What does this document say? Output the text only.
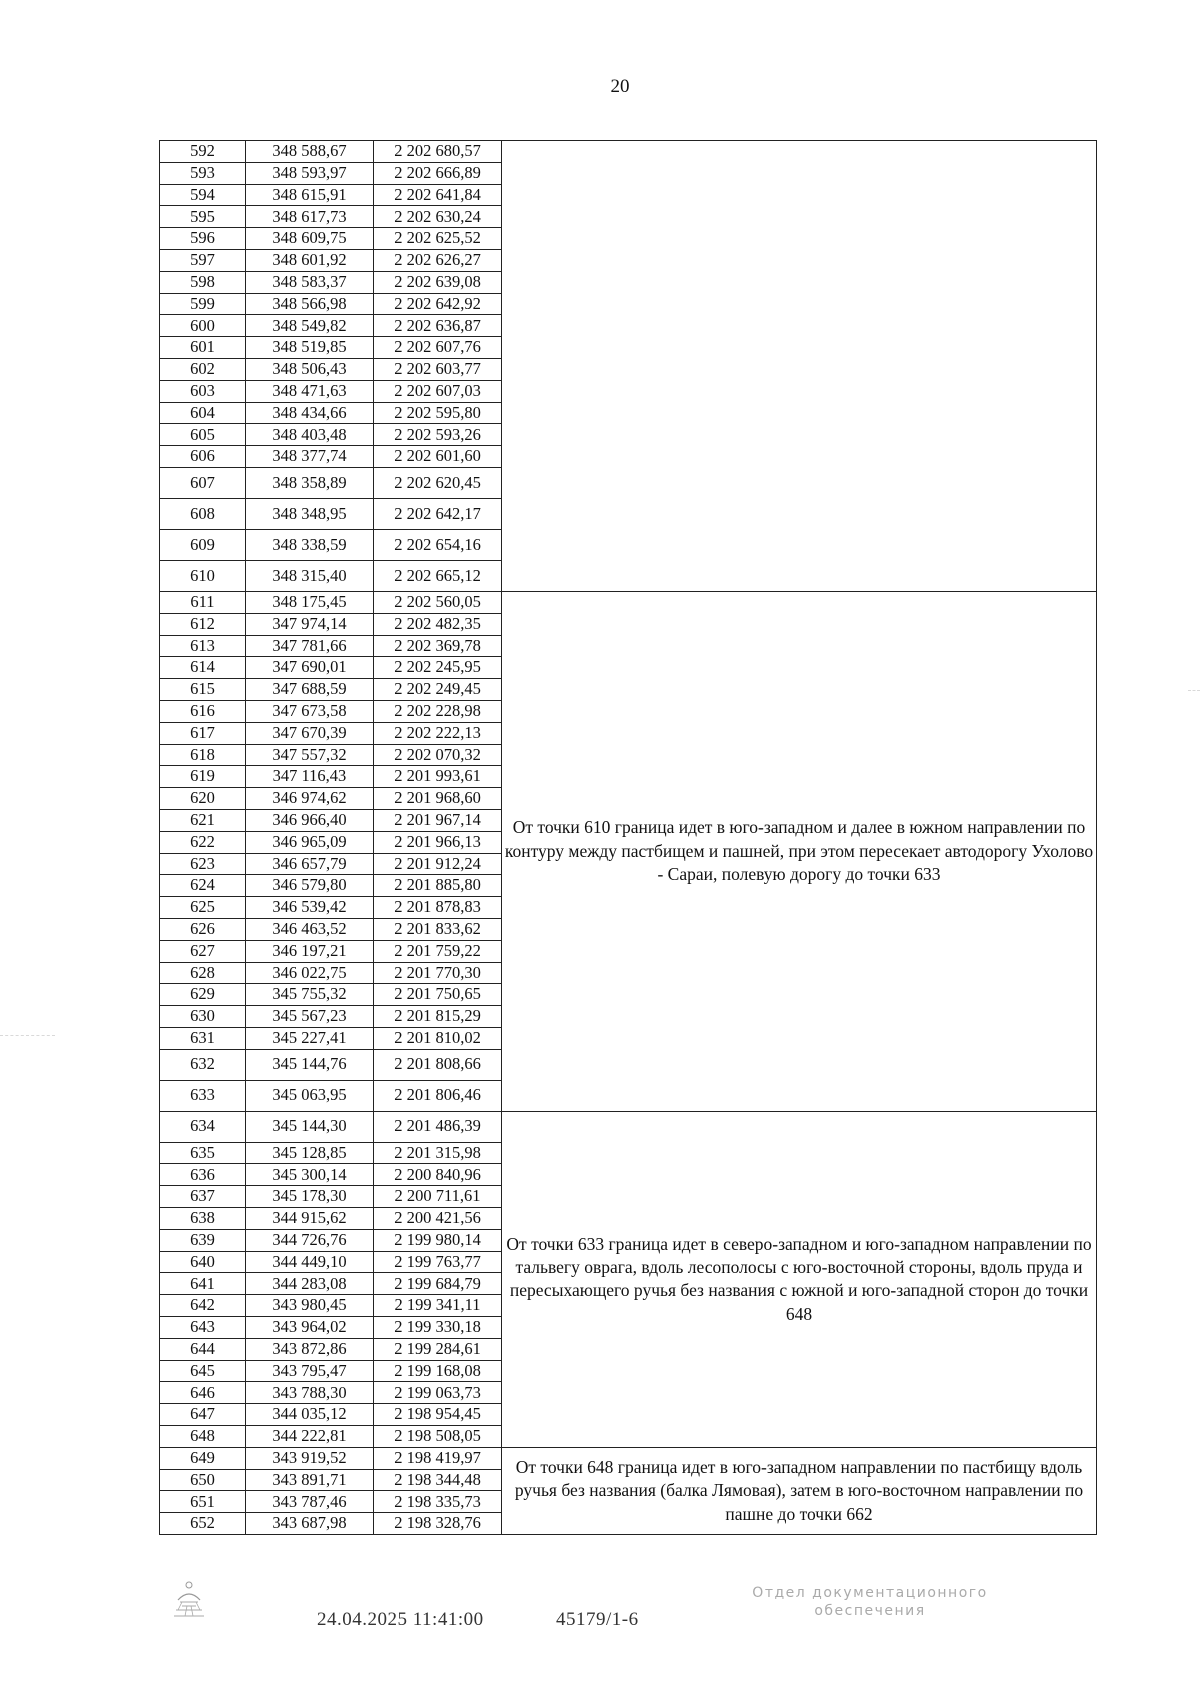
20
592	348 588,67	2 202 680,57	
593	348 593,97	2 202 666,89	
594	348 615,91	2 202 641,84	
595	348 617,73	2 202 630,24	
596	348 609,75	2 202 625,52	
597	348 601,92	2 202 626,27	
598	348 583,37	2 202 639,08	
599	348 566,98	2 202 642,92	
600	348 549,82	2 202 636,87	
601	348 519,85	2 202 607,76	
602	348 506,43	2 202 603,77	
603	348 471,63	2 202 607,03	
604	348 434,66	2 202 595,80	
605	348 403,48	2 202 593,26	
606	348 377,74	2 202 601,60	
607	348 358,89	2 202 620,45	
608	348 348,95	2 202 642,17	
609	348 338,59	2 202 654,16	
610	348 315,40	2 202 665,12	
611	348 175,45	2 202 560,05	От точки 610 граница идет в юго-западном и далее в южном направлении по контуру между пастбищем и пашней, при этом пересекает автодорогу Ухолово - Сараи, полевую дорогу до точки 633
612	347 974,14	2 202 482,35	
613	347 781,66	2 202 369,78	
614	347 690,01	2 202 245,95	
615	347 688,59	2 202 249,45	
616	347 673,58	2 202 228,98	
617	347 670,39	2 202 222,13	
618	347 557,32	2 202 070,32	
619	347 116,43	2 201 993,61	
620	346 974,62	2 201 968,60	
621	346 966,40	2 201 967,14	
622	346 965,09	2 201 966,13	
623	346 657,79	2 201 912,24	
624	346 579,80	2 201 885,80	
625	346 539,42	2 201 878,83	
626	346 463,52	2 201 833,62	
627	346 197,21	2 201 759,22	
628	346 022,75	2 201 770,30	
629	345 755,32	2 201 750,65	
630	345 567,23	2 201 815,29	
631	345 227,41	2 201 810,02	
632	345 144,76	2 201 808,66	
633	345 063,95	2 201 806,46	
634	345 144,30	2 201 486,39	От точки 633 граница идет в северо-западном и юго-западном направлении по тальвегу оврага, вдоль лесополосы с юго-восточной стороны, вдоль пруда и пересыхающего ручья без названия с южной и юго-западной сторон до точки 648
635	345 128,85	2 201 315,98	
636	345 300,14	2 200 840,96	
637	345 178,30	2 200 711,61	
638	344 915,62	2 200 421,56	
639	344 726,76	2 199 980,14	
640	344 449,10	2 199 763,77	
641	344 283,08	2 199 684,79	
642	343 980,45	2 199 341,11	
643	343 964,02	2 199 330,18	
644	343 872,86	2 199 284,61	
645	343 795,47	2 199 168,08	
646	343 788,30	2 199 063,73	
647	344 035,12	2 198 954,45	
648	344 222,81	2 198 508,05	
649	343 919,52	2 198 419,97	От точки 648 граница идет в юго-западном направлении по пастбищу вдоль ручья без названия (балка Лямовая), затем в юго-восточном направлении по пашне до точки 662
650	343 891,71	2 198 344,48	
651	343 787,46	2 198 335,73	
652	343 687,98	2 198 328,76	
24.04.2025 11:41:00	45179/1-6
Отдел документационного
обеспечения
